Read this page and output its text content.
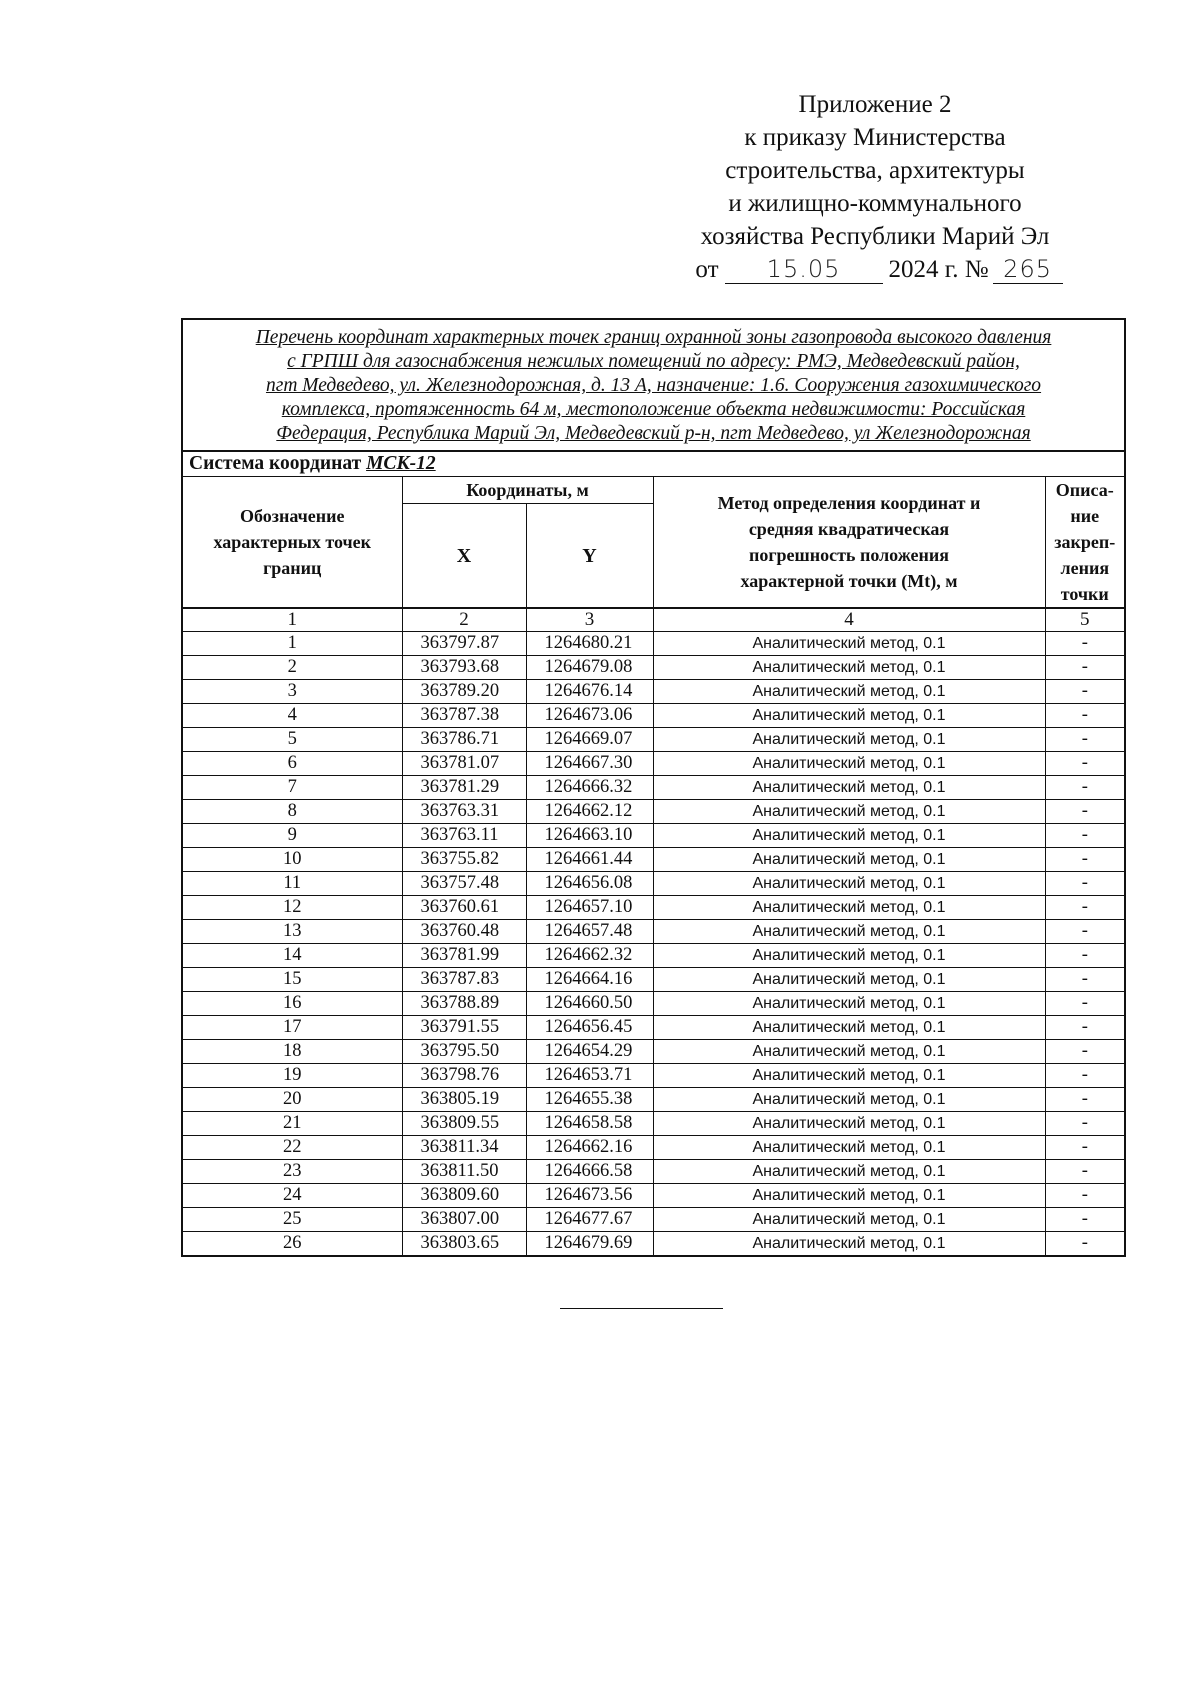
Приложение 2
к приказу Министерства
строительства, архитектуры
и жилищно-коммунального
хозяйства Республики Марий Эл
от 15.05 2024 г. № 265
Перечень координат характерных точек границ охранной зоны газопровода высокого давления
с ГРПШ для газоснабжения нежилых помещений по адресу: РМЭ, Медведевский район,
пгт Медведево, ул. Железнодорожная, д. 13 А, назначение: 1.6. Сооружения газохимического
комплекса, протяженность 64 м, местоположение объекта недвижимости: Российская
Федерация, Республика Марий Эл, Медведевский р-н, пгт Медведево, ул Железнодорожная				

Система координат МСК-12				

Обозначение
характерных точек
границ	Координаты, м		Метод определения координат и
средняя квадратическая
погрешность положения
характерной точки (Mt), м	Описа-
ние
закреп-
ления
точки

	X	Y		
1	2	3	4	5
1	363797.87	1264680.21	Аналитический метод, 0.1	-
2	363793.68	1264679.08	Аналитический метод, 0.1	-
3	363789.20	1264676.14	Аналитический метод, 0.1	-
4	363787.38	1264673.06	Аналитический метод, 0.1	-
5	363786.71	1264669.07	Аналитический метод, 0.1	-
6	363781.07	1264667.30	Аналитический метод, 0.1	-
7	363781.29	1264666.32	Аналитический метод, 0.1	-
8	363763.31	1264662.12	Аналитический метод, 0.1	-
9	363763.11	1264663.10	Аналитический метод, 0.1	-
10	363755.82	1264661.44	Аналитический метод, 0.1	-
11	363757.48	1264656.08	Аналитический метод, 0.1	-
12	363760.61	1264657.10	Аналитический метод, 0.1	-
13	363760.48	1264657.48	Аналитический метод, 0.1	-
14	363781.99	1264662.32	Аналитический метод, 0.1	-
15	363787.83	1264664.16	Аналитический метод, 0.1	-
16	363788.89	1264660.50	Аналитический метод, 0.1	-
17	363791.55	1264656.45	Аналитический метод, 0.1	-
18	363795.50	1264654.29	Аналитический метод, 0.1	-
19	363798.76	1264653.71	Аналитический метод, 0.1	-
20	363805.19	1264655.38	Аналитический метод, 0.1	-
21	363809.55	1264658.58	Аналитический метод, 0.1	-
22	363811.34	1264662.16	Аналитический метод, 0.1	-
23	363811.50	1264666.58	Аналитический метод, 0.1	-
24	363809.60	1264673.56	Аналитический метод, 0.1	-
25	363807.00	1264677.67	Аналитический метод, 0.1	-
26	363803.65	1264679.69	Аналитический метод, 0.1	-
